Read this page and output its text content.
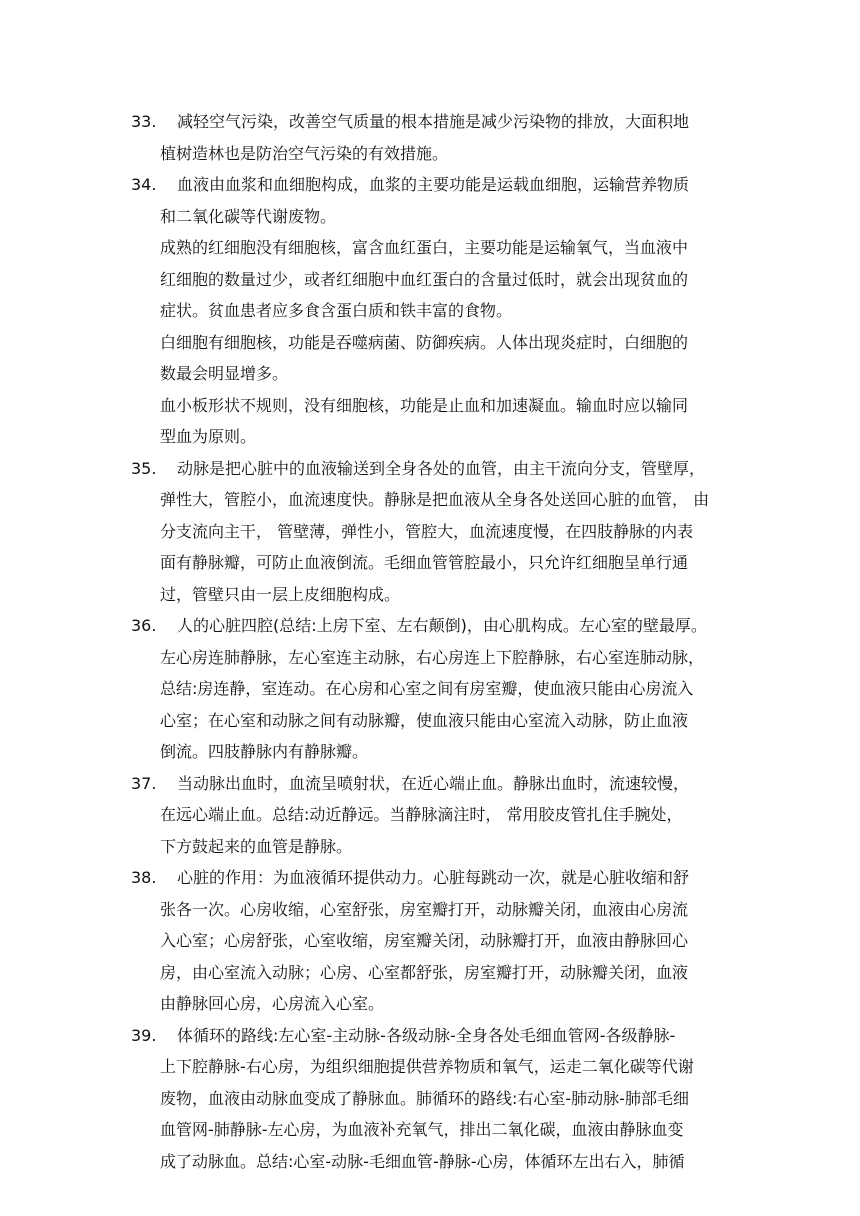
33.	减轻空气污染，改善空气质量的根本措施是减少污染物的排放，大面积地
植树造林也是防治空气污染的有效措施。
34.	血液由血浆和血细胞构成，血浆的主要功能是运载血细胞，运输营养物质
和二氧化碳等代谢废物。
成熟的红细胞没有细胞核，富含血红蛋白，主要功能是运输氧气，当血液中
红细胞的数量过少，或者红细胞中血红蛋白的含量过低时，就会出现贫血的
症状。贫血患者应多食含蛋白质和铁丰富的食物。
白细胞有细胞核，功能是吞噬病菌、防御疾病。人体出现炎症时，白细胞的
数最会明显增多。
血小板形状不规则，没有细胞核，功能是止血和加速凝血。输血时应以输同
型血为原则。
35.	动脉是把心脏中的血液输送到全身各处的血管，由主干流向分支，管壁厚，
弹性大，管腔小，血流速度快。静脉是把血液从全身各处送回心脏的血管， 由
分支流向主干， 管壁薄，弹性小，管腔大，血流速度慢，在四肢静脉的内表
面有静脉瓣，可防止血液倒流。毛细血管管腔最小，只允许红细胞呈单行通
过，管壁只由一层上皮细胞构成。
36.	人的心脏四腔(总结:上房下室、左右颠倒)，由心肌构成。左心室的壁最厚。
左心房连肺静脉，左心室连主动脉，右心房连上下腔静脉，右心室连肺动脉，
总结:房连静，室连动。在心房和心室之间有房室瓣，使血液只能由心房流入
心室；在心室和动脉之间有动脉瓣，使血液只能由心室流入动脉，防止血液
倒流。四肢静脉内有静脉瓣。
37.	当动脉出血时，血流呈喷射状，在近心端止血。静脉出血时，流速较慢，
在远心端止血。总结:动近静远。当静脉滴注时， 常用胶皮管扎住手腕处，
下方鼓起来的血管是静脉。
38.	心脏的作用：为血液循环提供动力。心脏每跳动一次，就是心脏收缩和舒
张各一次。心房收缩，心室舒张，房室瓣打开，动脉瓣关闭，血液由心房流
入心室；心房舒张，心室收缩，房室瓣关闭，动脉瓣打开，血液由静脉回心
房，由心室流入动脉；心房、心室都舒张，房室瓣打开，动脉瓣关闭，血液
由静脉回心房，心房流入心室。
39.	体循环的路线:左心室-主动脉-各级动脉-全身各处毛细血管网-各级静脉-
上下腔静脉-右心房，为组织细胞提供营养物质和氧气，运走二氧化碳等代谢
废物，血液由动脉血变成了静脉血。肺循环的路线:右心室-肺动脉-肺部毛细
血管网-肺静脉-左心房，为血液补充氧气，排出二氧化碳，血液由静脉血变
成了动脉血。总结:心室-动脉-毛细血管-静脉-心房，体循环左出右入，肺循
